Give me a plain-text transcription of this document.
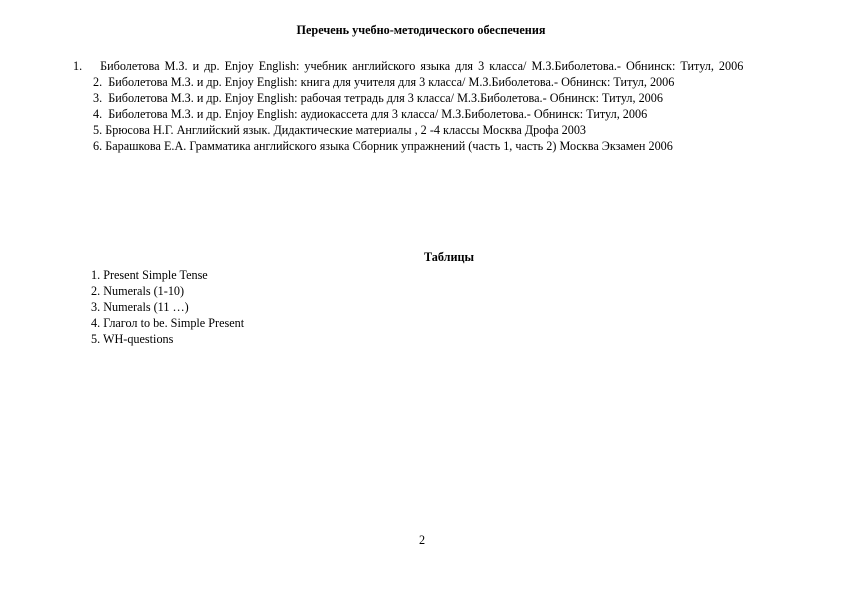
Перечень учебно-методического обеспечения
1. Биболетова М.З. и др. Enjoy English: учебник английского языка для 3 класса/ М.З.Биболетова.- Обнинск: Титул, 2006
2. Биболетова М.З. и др. Enjoy English: книга для учителя для 3 класса/ М.З.Биболетова.- Обнинск: Титул, 2006
3. Биболетова М.З. и др. Enjoy English: рабочая тетрадь для 3 класса/ М.З.Биболетова.- Обнинск: Титул, 2006
4. Биболетова М.З. и др. Enjoy English: аудиокассета для 3 класса/ М.З.Биболетова.- Обнинск: Титул, 2006
5. Брюсова Н.Г. Английский язык. Дидактические материалы , 2 -4 классы Москва Дрофа 2003
6. Барашкова Е.А. Грамматика английского языка Сборник упражнений (часть 1, часть 2) Москва Экзамен 2006
Таблицы
1. Present Simple Tense
2. Numerals (1-10)
3. Numerals (11 …)
4. Глагол to be. Simple Present
5. WH-questions
2
